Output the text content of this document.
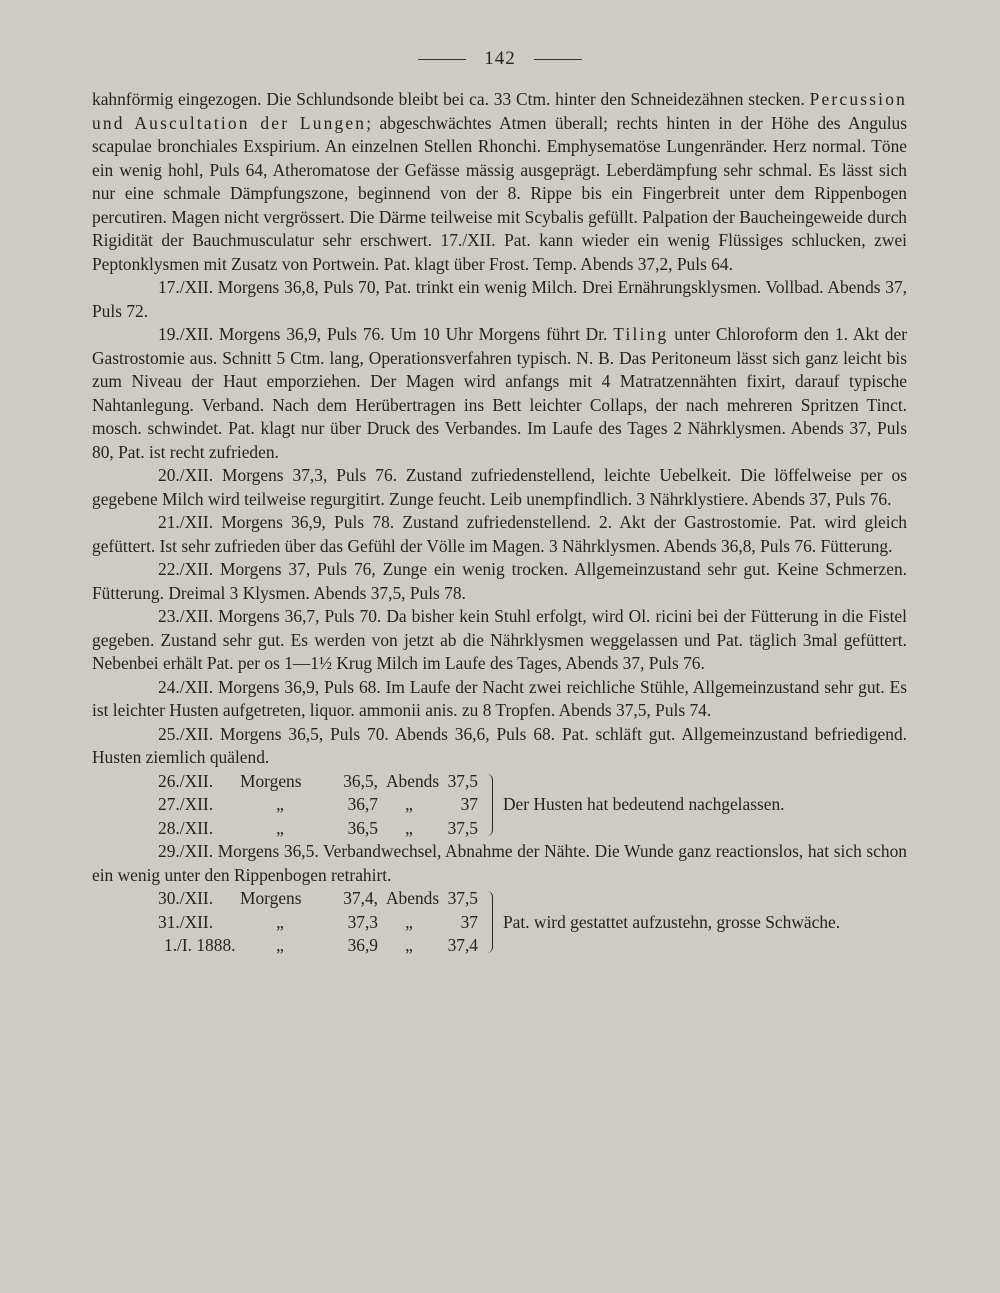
142

kahnförmig eingezogen. Die Schlundsonde bleibt bei ca. 33 Ctm. hinter den Schneidezähnen stecken. Percussion und Auscultation der Lungen; abgeschwächtes Atmen überall; rechts hinten in der Höhe des Angulus scapulae bronchiales Exspirium. An einzelnen Stellen Rhonchi. Emphysematöse Lungenränder. Herz normal. Töne ein wenig hohl, Puls 64, Atheromatose der Gefässe mässig ausgeprägt. Leberdämpfung sehr schmal. Es lässt sich nur eine schmale Dämpfungszone, beginnend von der 8. Rippe bis ein Fingerbreit unter dem Rippenbogen percutiren. Magen nicht vergrössert. Die Därme teilweise mit Scybalis gefüllt. Palpation der Baucheingeweide durch Rigidität der Bauchmusculatur sehr erschwert. 17./XII. Pat. kann wieder ein wenig Flüssiges schlucken, zwei Peptonklysmen mit Zusatz von Portwein. Pat. klagt über Frost. Temp. Abends 37,2, Puls 64.

17./XII. Morgens 36,8, Puls 70, Pat. trinkt ein wenig Milch. Drei Ernährungsklysmen. Vollbad. Abends 37, Puls 72.

19./XII. Morgens 36,9, Puls 76. Um 10 Uhr Morgens führt Dr. Tiling unter Chloroform den 1. Akt der Gastrostomie aus. Schnitt 5 Ctm. lang, Operationsverfahren typisch. N. B. Das Peritoneum lässt sich ganz leicht bis zum Niveau der Haut emporziehen. Der Magen wird anfangs mit 4 Matratzennähten fixirt, darauf typische Nahtanlegung. Verband. Nach dem Herübertragen ins Bett leichter Collaps, der nach mehreren Spritzen Tinct. mosch. schwindet. Pat. klagt nur über Druck des Verbandes. Im Laufe des Tages 2 Nährklysmen. Abends 37, Puls 80, Pat. ist recht zufrieden.

20./XII. Morgens 37,3, Puls 76. Zustand zufriedenstellend, leichte Uebelkeit. Die löffelweise per os gegebene Milch wird teilweise regurgitirt. Zunge feucht. Leib unempfindlich. 3 Nährklystiere. Abends 37, Puls 76.

21./XII. Morgens 36,9, Puls 78. Zustand zufriedenstellend. 2. Akt der Gastrostomie. Pat. wird gleich gefüttert. Ist sehr zufrieden über das Gefühl der Völle im Magen. 3 Nährklysmen. Abends 36,8, Puls 76. Fütterung.

22./XII. Morgens 37, Puls 76, Zunge ein wenig trocken. Allgemeinzustand sehr gut. Keine Schmerzen. Fütterung. Dreimal 3 Klysmen. Abends 37,5, Puls 78.

23./XII. Morgens 36,7, Puls 70. Da bisher kein Stuhl erfolgt, wird Ol. ricini bei der Fütterung in die Fistel gegeben. Zustand sehr gut. Es werden von jetzt ab die Nährklysmen weggelassen und Pat. täglich 3mal gefüttert. Nebenbei erhält Pat. per os 1—1½ Krug Milch im Laufe des Tages, Abends 37, Puls 76.

24./XII. Morgens 36,9, Puls 68. Im Laufe der Nacht zwei reichliche Stühle, Allgemeinzustand sehr gut. Es ist leichter Husten aufgetreten, liquor. ammonii anis. zu 8 Tropfen. Abends 37,5, Puls 74.

25./XII. Morgens 36,5, Puls 70. Abends 36,6, Puls 68. Pat. schläft gut. Allgemeinzustand befriedigend. Husten ziemlich quälend.

26./XII.	Morgens	36,5, Abends 37,5
27./XII.	„	36,7	„	37
28./XII.	„	36,5	„	37,5
Der Husten hat bedeutend nachgelassen.

29./XII. Morgens 36,5. Verbandwechsel, Abnahme der Nähte. Die Wunde ganz reactionslos, hat sich schon ein wenig unter den Rippenbogen retrahirt.

30./XII.	Morgens	37,4, Abends 37,5
31./XII.	„	37,3	„	37
1./I. 1888.	„	36,9	„	37,4
Pat. wird gestattet aufzustehn, grosse Schwäche.
